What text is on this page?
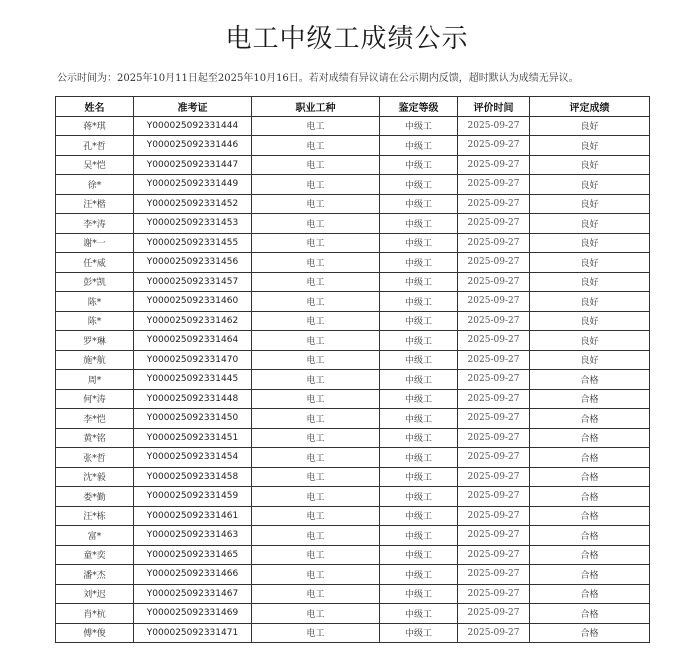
电工中级工成绩公示
公示时间为：2025年10月11日起至2025年10月16日。若对成绩有异议请在公示期内反馈，超时默认为成绩无异议。
姓名	准考证	职业工种	鉴定等级	评价时间	评定成绩
蒋*琪	Y000025092331444	电工	中级工	2025-09-27	良好
孔*哲	Y000025092331446	电工	中级工	2025-09-27	良好
吴*恺	Y000025092331447	电工	中级工	2025-09-27	良好
徐*	Y000025092331449	电工	中级工	2025-09-27	良好
汪*楷	Y000025092331452	电工	中级工	2025-09-27	良好
李*涛	Y000025092331453	电工	中级工	2025-09-27	良好
谢*一	Y000025092331455	电工	中级工	2025-09-27	良好
任*威	Y000025092331456	电工	中级工	2025-09-27	良好
彭*凯	Y000025092331457	电工	中级工	2025-09-27	良好
陈*	Y000025092331460	电工	中级工	2025-09-27	良好
陈*	Y000025092331462	电工	中级工	2025-09-27	良好
罗*琳	Y000025092331464	电工	中级工	2025-09-27	良好
施*航	Y000025092331470	电工	中级工	2025-09-27	良好
周*	Y000025092331445	电工	中级工	2025-09-27	合格
何*涛	Y000025092331448	电工	中级工	2025-09-27	合格
李*恺	Y000025092331450	电工	中级工	2025-09-27	合格
黄*铭	Y000025092331451	电工	中级工	2025-09-27	合格
张*哲	Y000025092331454	电工	中级工	2025-09-27	合格
沈*毅	Y000025092331458	电工	中级工	2025-09-27	合格
娄*勤	Y000025092331459	电工	中级工	2025-09-27	合格
汪*栋	Y000025092331461	电工	中级工	2025-09-27	合格
富*	Y000025092331463	电工	中级工	2025-09-27	合格
童*奕	Y000025092331465	电工	中级工	2025-09-27	合格
潘*杰	Y000025092331466	电工	中级工	2025-09-27	合格
刘*迟	Y000025092331467	电工	中级工	2025-09-27	合格
肖*杭	Y000025092331469	电工	中级工	2025-09-27	合格
傅*俊	Y000025092331471	电工	中级工	2025-09-27	合格
